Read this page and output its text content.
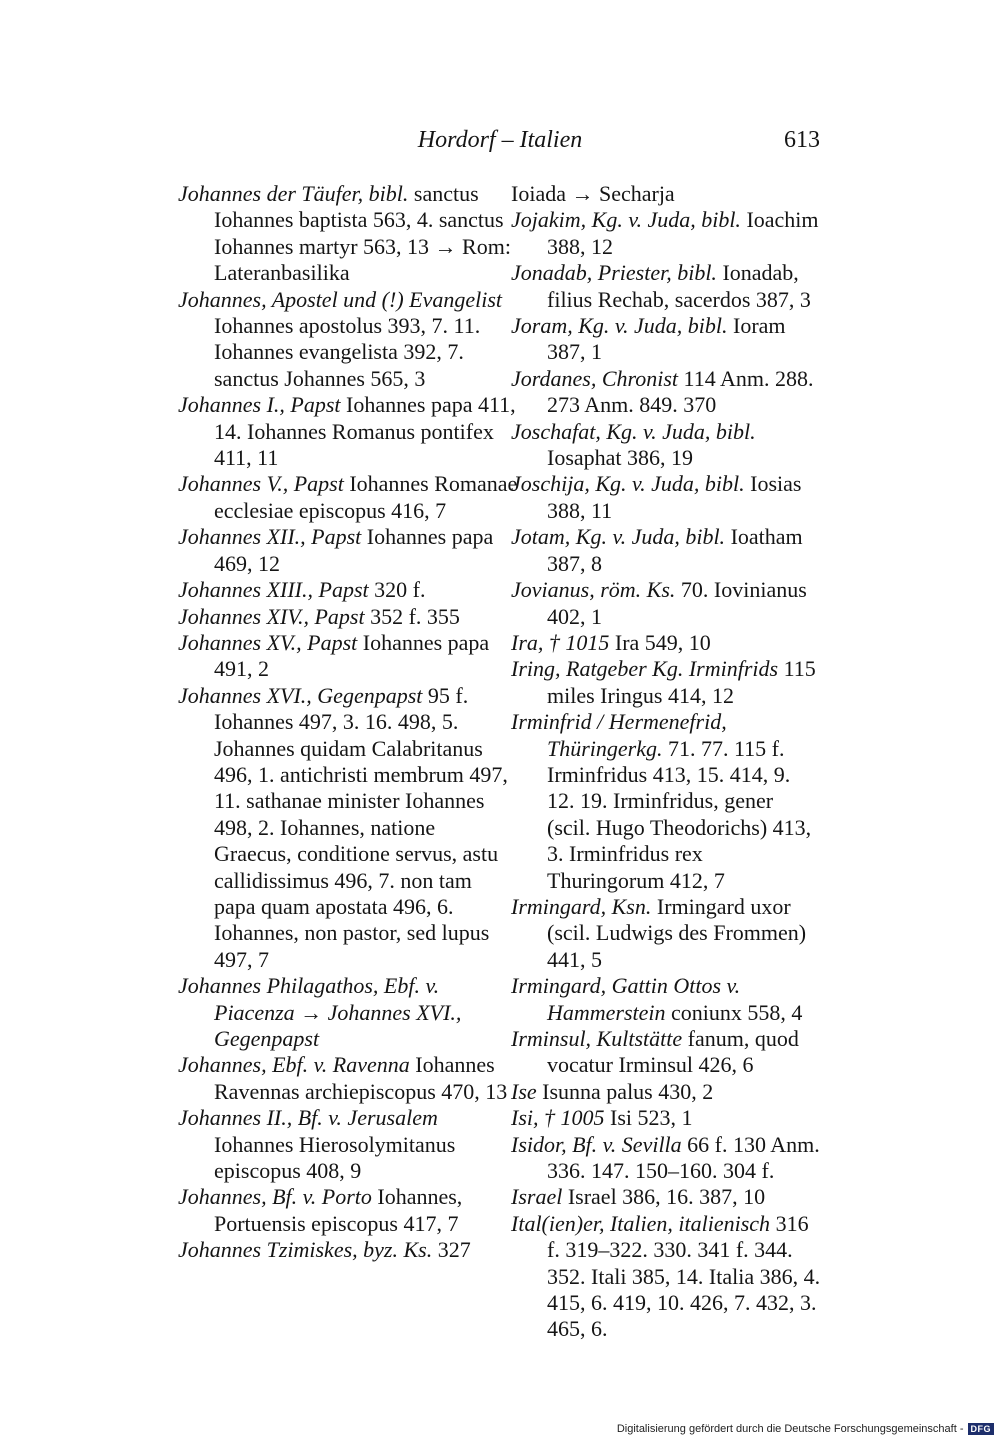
Hordorf – Italien	613

Johannes der Täufer, bibl. sanctus Iohannes baptista 563, 4. sanctus Iohannes martyr 563, 13 → Rom: Lateranbasilika

Johannes, Apostel und (!) Evangelist Iohannes apostolus 393, 7. 11. Iohannes evangelista 392, 7. sanctus Johannes 565, 3

Johannes I., Papst Iohannes papa 411, 14. Iohannes Romanus pontifex 411, 11

Johannes V., Papst Iohannes Romanae ecclesiae episcopus 416, 7

Johannes XII., Papst Iohannes papa 469, 12

Johannes XIII., Papst 320 f.

Johannes XIV., Papst 352 f. 355

Johannes XV., Papst Iohannes papa 491, 2

Johannes XVI., Gegenpapst 95 f. Iohannes 497, 3. 16. 498, 5. Johannes quidam Calabritanus 496, 1. antichristi membrum 497, 11. sathanae minister Iohannes 498, 2. Iohannes, natione Graecus, conditione servus, astu callidissimus 496, 7. non tam papa quam apostata 496, 6. Iohannes, non pastor, sed lupus 497, 7

Johannes Philagathos, Ebf. v. Piacenza → Johannes XVI., Gegenpapst

Johannes, Ebf. v. Ravenna Iohannes Ravennas archiepiscopus 470, 13

Johannes II., Bf. v. Jerusalem Iohannes Hierosolymitanus episcopus 408, 9

Johannes, Bf. v. Porto Iohannes, Portuensis episcopus 417, 7

Johannes Tzimiskes, byz. Ks. 327

Ioiada → Secharja

Jojakim, Kg. v. Juda, bibl. Ioachim 388, 12

Jonadab, Priester, bibl. Ionadab, filius Rechab, sacerdos 387, 3

Joram, Kg. v. Juda, bibl. Ioram 387, 1

Jordanes, Chronist 114 Anm. 288. 273 Anm. 849. 370

Joschafat, Kg. v. Juda, bibl. Iosaphat 386, 19

Joschija, Kg. v. Juda, bibl. Iosias 388, 11

Jotam, Kg. v. Juda, bibl. Ioatham 387, 8

Jovianus, röm. Ks. 70. Iovinianus 402, 1

Ira, † 1015 Ira 549, 10

Iring, Ratgeber Kg. Irminfrids 115 miles Iringus 414, 12

Irminfrid / Hermenefrid, Thüringerkg. 71. 77. 115 f. Irminfridus 413, 15. 414, 9. 12. 19. Irminfridus, gener (scil. Hugo Theodorichs) 413, 3. Irminfridus rex Thuringorum 412, 7

Irmingard, Ksn. Irmingard uxor (scil. Ludwigs des Frommen) 441, 5

Irmingard, Gattin Ottos v. Hammerstein coniunx 558, 4

Irminsul, Kultstätte fanum, quod vocatur Irminsul 426, 6

Ise Isunna palus 430, 2

Isi, † 1005 Isi 523, 1

Isidor, Bf. v. Sevilla 66 f. 130 Anm. 336. 147. 150–160. 304 f.

Israel Israel 386, 16. 387, 10

Ital(ien)er, Italien, italienisch 316 f. 319–322. 330. 341 f. 344. 352. Itali 385, 14. Italia 386, 4. 415, 6. 419, 10. 426, 7. 432, 3. 465, 6.

Digitalisierung gefördert durch die Deutsche Forschungsgemeinschaft - DFG
